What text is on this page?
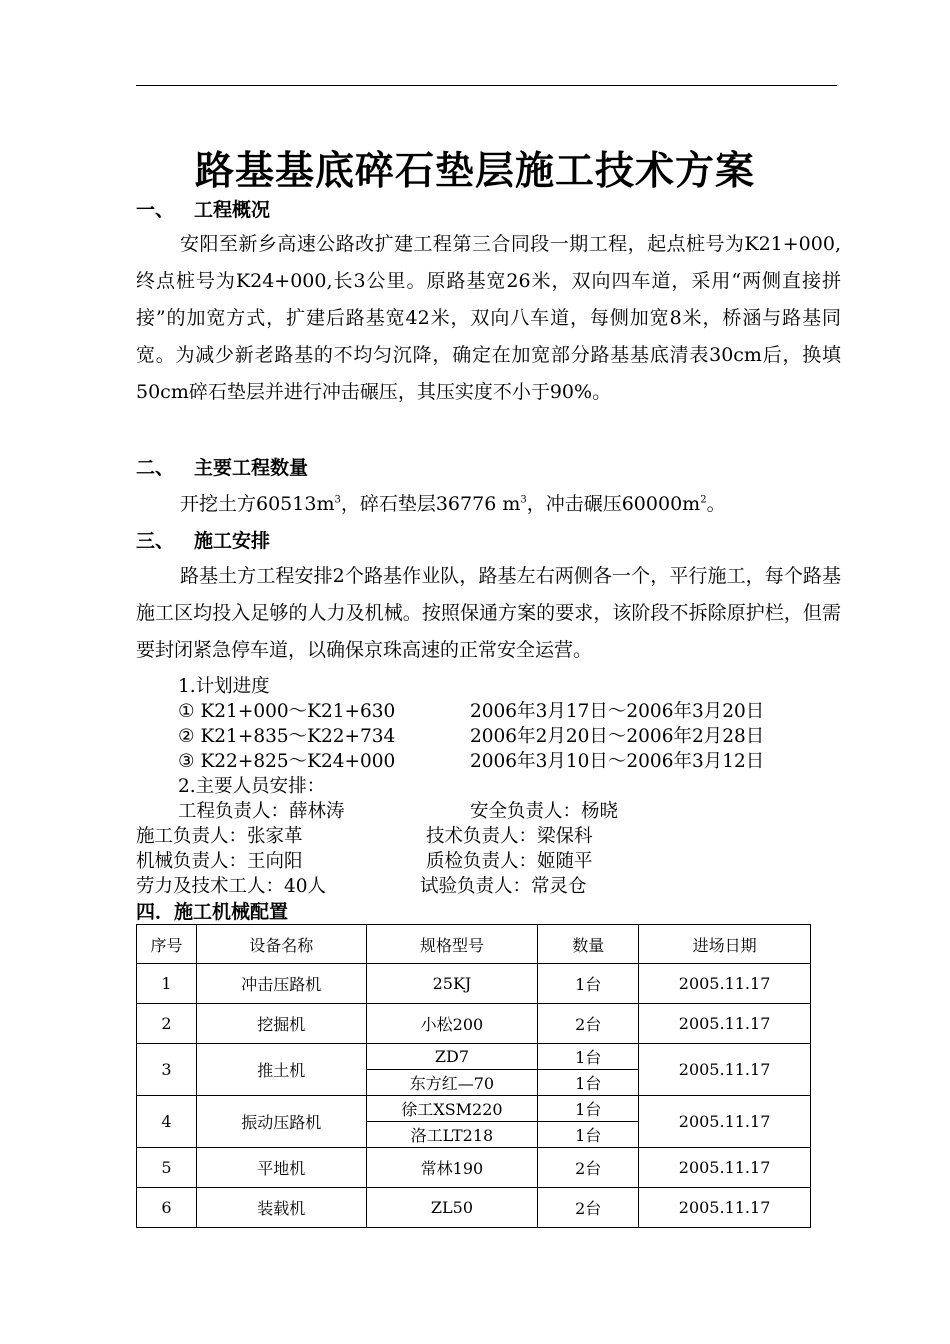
路基基底碎石垫层施工技术方案
一、 工程概况
安阳至新乡高速公路改扩建工程第三合同段一期工程，起点桩号为K21+000,终点桩号为K24+000,长3公里。原路基宽26米，双向四车道，采用“两侧直接拼接”的加宽方式，扩建后路基宽42米，双向八车道，每侧加宽8米，桥涵与路基同宽。为减少新老路基的不均匀沉降，确定在加宽部分路基基底清表30cm后，换填50cm碎石垫层并进行冲击碾压，其压实度不小于90%。
二、 主要工程数量
开挖土方$60513m^3$，碎石垫层36776 $m^3$，冲击碾压$60000m^2$。
三、 施工安排
路基土方工程安排2个路基作业队，路基左右两侧各一个，平行施工，每个路基施工区均投入足够的人力及机械。按照保通方案的要求，该阶段不拆除原护栏，但需要封闭紧急停车道，以确保京珠高速的正常安全运营。
1.计划进度
① K21+000～K21+630	2006年3月17日～2006年3月20日
② K21+835～K22+734	2006年2月20日～2006年2月28日
③ K22+825～K24+000	2006年3月10日～2006年3月12日
2.主要人员安排：
工程负责人：薛林涛	安全负责人：杨晓
施工负责人：张家革	技术负责人：梁保科
机械负责人：王向阳	质检负责人：姬随平
劳力及技术工人：40人	试验负责人：常灵仓
四．施工机械配置
序号	设备名称	规格型号	数量	进场日期
1	冲击压路机	25KJ	1台	2005.11.17
2	挖掘机	小松200	2台	2005.11.17
3	推土机	ZD7	1台	2005.11.17
		东方红—70	1台	
4	振动压路机	徐工XSM220	1台	2005.11.17
		洛工LT218	1台	
5	平地机	常林190	2台	2005.11.17
6	装载机	ZL50	2台	2005.11.17
